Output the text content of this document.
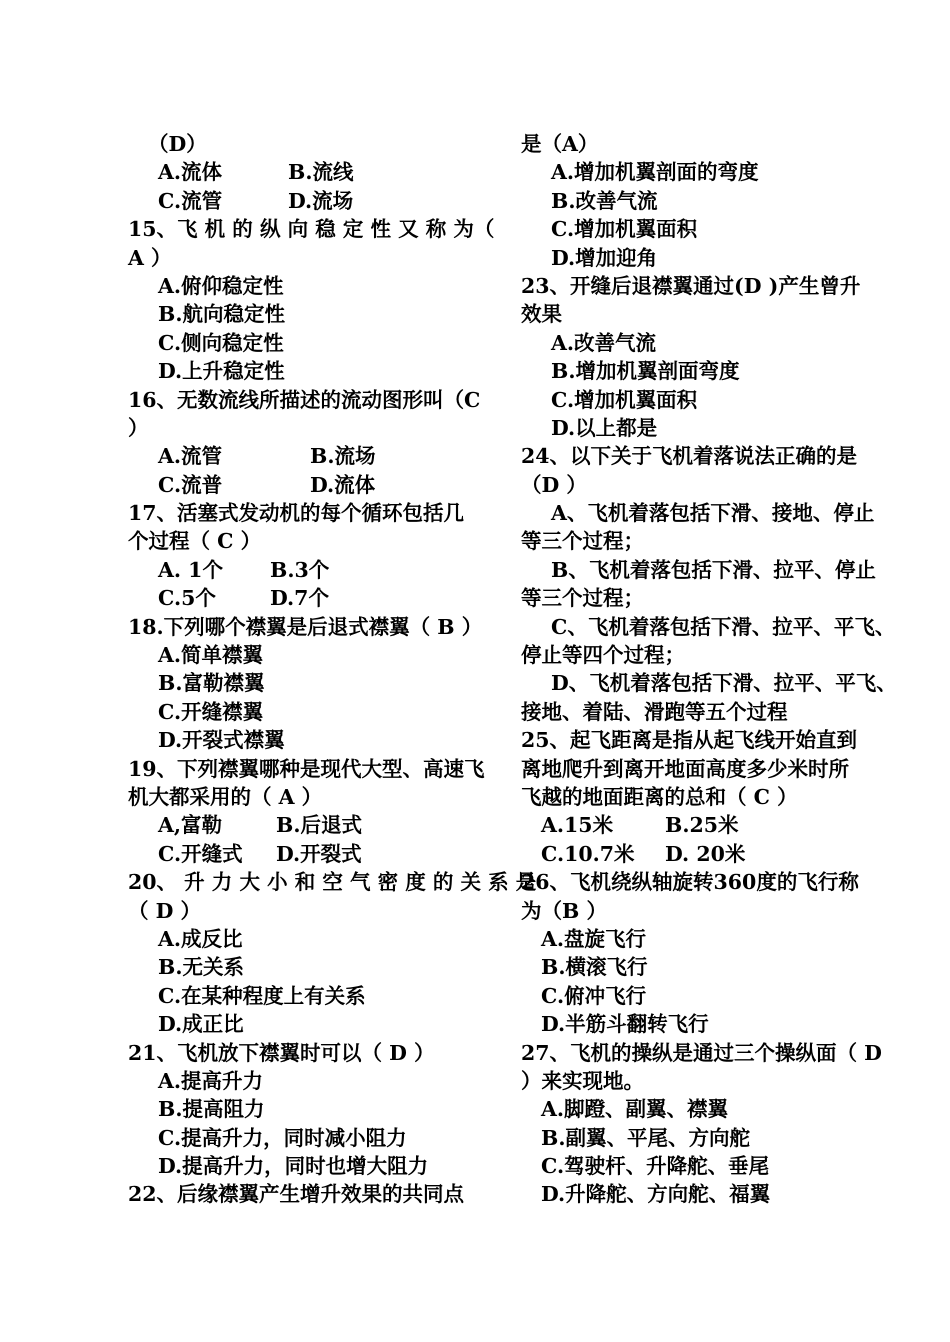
（D）
A.流体	B.流线
C.流管	D.流场
15、飞 机 的 纵 向 稳 定 性 又 称 为（
A ）
A.俯仰稳定性
B.航向稳定性
C.侧向稳定性
D.上升稳定性
16、无数流线所描述的流动图形叫（C
）
A.流管	B.流场
C.流普	D.流体
17、活塞式发动机的每个循环包括几
个过程（ C ）
A. 1个	B.3个
C.5个	D.7个
18.下列哪个襟翼是后退式襟翼（ B ）
A.简单襟翼
B.富勒襟翼
C.开缝襟翼
D.开裂式襟翼
19、下列襟翼哪种是现代大型、高速飞
机大都采用的（ A ）
A,富勒	B.后退式
C.开缝式	D.开裂式
20、 升 力 大 小 和 空 气 密 度 的 关 系 是
（ D ）
A.成反比
B.无关系
C.在某种程度上有关系
D.成正比
21、飞机放下襟翼时可以（ D ）
A.提高升力
B.提高阻力
C.提高升力，同时减小阻力
D.提高升力，同时也增大阻力
22、后缘襟翼产生增升效果的共同点
是（A）
A.增加机翼剖面的弯度
B.改善气流
C.增加机翼面积
D.增加迎角
23、开缝后退襟翼通过(D )产生曾升
效果
A.改善气流
B.增加机翼剖面弯度
C.增加机翼面积
D.以上都是
24、以下关于飞机着落说法正确的是
（D ）
A、飞机着落包括下滑、接地、停止
等三个过程；
B、飞机着落包括下滑、拉平、停止
等三个过程；
C、飞机着落包括下滑、拉平、平飞、
停止等四个过程；
D、飞机着落包括下滑、拉平、平飞、
接地、着陆、滑跑等五个过程
25、起飞距离是指从起飞线开始直到
离地爬升到离开地面高度多少米时所
飞越的地面距离的总和（ C ）
A.15米	B.25米
C.10.7米	D. 20米
26、飞机绕纵轴旋转360度的飞行称
为（B ）
A.盘旋飞行
B.横滚飞行
C.俯冲飞行
D.半筋斗翻转飞行
27、飞机的操纵是通过三个操纵面（ D
）来实现地。
A.脚蹬、副翼、襟翼
B.副翼、平尾、方向舵
C.驾驶杆、升降舵、垂尾
D.升降舵、方向舵、福翼
